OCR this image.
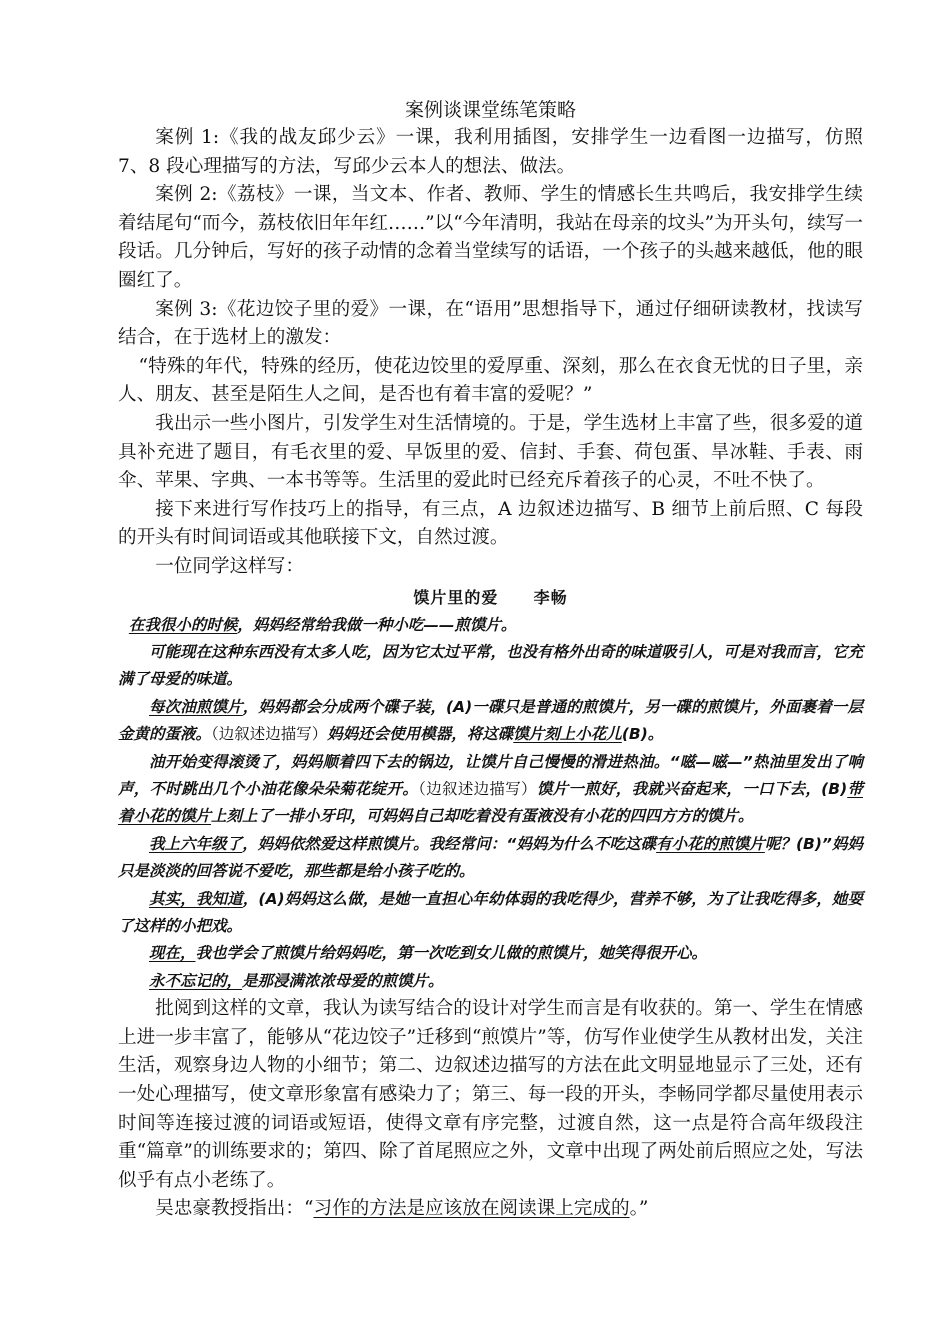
案例谈课堂练笔策略

案例 1:《我的战友邱少云》一课，我利用插图，安排学生一边看图一边描写，仿照 7、8 段心理描写的方法，写邱少云本人的想法、做法。

案例 2:《荔枝》一课，当文本、作者、教师、学生的情感长生共鸣后，我安排学生续着结尾句“而今，荔枝依旧年年红……”以“今年清明，我站在母亲的坟头”为开头句，续写一段话。几分钟后，写好的孩子动情的念着当堂续写的话语，一个孩子的头越来越低，他的眼圈红了。

案例 3:《花边饺子里的爱》一课，在“语用”思想指导下，通过仔细研读教材，找读写结合，在于选材上的激发：

“特殊的年代，特殊的经历，使花边饺里的爱厚重、深刻，那么在衣食无忧的日子里，亲人、朋友、甚至是陌生人之间，是否也有着丰富的爱呢？”

我出示一些小图片，引发学生对生活情境的。于是，学生选材上丰富了些，很多爱的道具补充进了题目，有毛衣里的爱、早饭里的爱、信封、手套、荷包蛋、旱冰鞋、手表、雨伞、苹果、字典、一本书等等。生活里的爱此时已经充斥着孩子的心灵，不吐不快了。

接下来进行写作技巧上的指导，有三点，A 边叙述边描写、B 细节上前后照、C 每段的开头有时间词语或其他联接下文，自然过渡。

一位同学这样写：

馍片里的爱 李畅

在我很小的时候，妈妈经常给我做一种小吃——煎馍片。

可能现在这种东西没有太多人吃，因为它太过平常，也没有格外出奇的味道吸引人，可是对我而言，它充满了母爱的味道。

每次油煎馍片，妈妈都会分成两个碟子装，(A)一碟只是普通的煎馍片，另一碟的煎馍片，外面裹着一层金黄的蛋液。（边叙述边描写）妈妈还会使用模器，将这碟馍片刻上小花儿(B)。

油开始变得滚烫了，妈妈顺着四下去的锅边，让馍片自己慢慢的滑进热油。“嗞—嗞—”热油里发出了响声，不时跳出几个小油花像朵朵菊花绽开。（边叙述边描写）馍片一煎好，我就兴奋起来，一口下去，(B)带着小花的馍片上刻上了一排小牙印，可妈妈自己却吃着没有蛋液没有小花的四四方方的馍片。

我上六年级了，妈妈依然爱这样煎馍片。我经常问：“妈妈为什么不吃这碟有小花的煎馍片呢？(B)”妈妈只是淡淡的回答说不爱吃，那些都是给小孩子吃的。

其实，我知道，(A)妈妈这么做，是她一直担心年幼体弱的我吃得少，营养不够，为了让我吃得多，她耍了这样的小把戏。

现在，我也学会了煎馍片给妈妈吃，第一次吃到女儿做的煎馍片，她笑得很开心。

永不忘记的，是那浸满浓浓母爱的煎馍片。

批阅到这样的文章，我认为读写结合的设计对学生而言是有收获的。第一、学生在情感上进一步丰富了，能够从“花边饺子”迁移到“煎馍片”等，仿写作业使学生从教材出发，关注生活，观察身边人物的小细节；第二、边叙述边描写的方法在此文明显地显示了三处，还有一处心理描写，使文章形象富有感染力了；第三、每一段的开头，李畅同学都尽量使用表示时间等连接过渡的词语或短语，使得文章有序完整，过渡自然，这一点是符合高年级段注重“篇章”的训练要求的；第四、除了首尾照应之外，文章中出现了两处前后照应之处，写法似乎有点小老练了。

吴忠豪教授指出：“习作的方法是应该放在阅读课上完成的。”
